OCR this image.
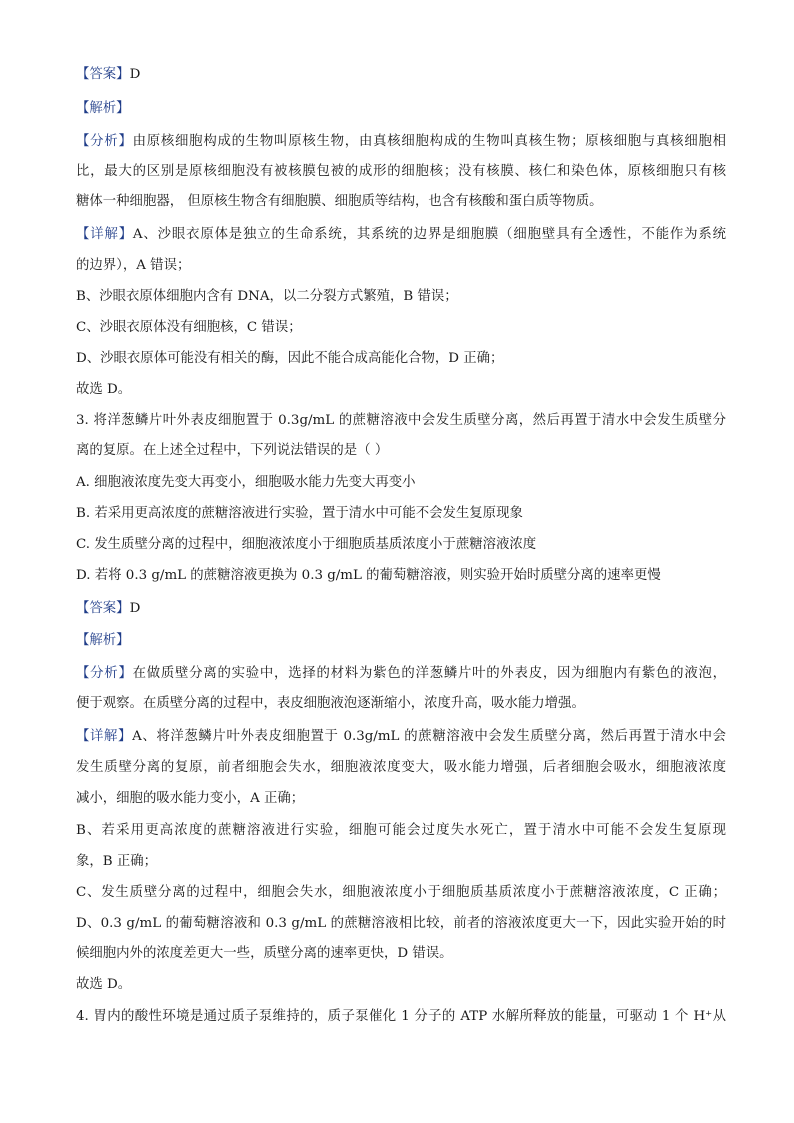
【答案】D
【解析】
【分析】由原核细胞构成的生物叫原核生物，由真核细胞构成的生物叫真核生物；原核细胞与真核细胞相
比，最大的区别是原核细胞没有被核膜包被的成形的细胞核；没有核膜、核仁和染色体，原核细胞只有核
糖体一种细胞器， 但原核生物含有细胞膜、细胞质等结构，也含有核酸和蛋白质等物质。
【详解】A、沙眼衣原体是独立的生命系统，其系统的边界是细胞膜（细胞壁具有全透性，不能作为系统
的边界），A 错误；
B、沙眼衣原体细胞内含有 DNA，以二分裂方式繁殖，B 错误；
C、沙眼衣原体没有细胞核，C 错误；
D、沙眼衣原体可能没有相关的酶，因此不能合成高能化合物，D 正确；
故选 D。
3. 将洋葱鳞片叶外表皮细胞置于 0.3g/mL 的蔗糖溶液中会发生质壁分离，然后再置于清水中会发生质壁分
离的复原。在上述全过程中，下列说法错误的是（ ）
A. 细胞液浓度先变大再变小，细胞吸水能力先变大再变小
B. 若采用更高浓度的蔗糖溶液进行实验，置于清水中可能不会发生复原现象
C. 发生质壁分离的过程中，细胞液浓度小于细胞质基质浓度小于蔗糖溶液浓度
D. 若将 0.3 g/mL 的蔗糖溶液更换为 0.3 g/mL 的葡萄糖溶液，则实验开始时质壁分离的速率更慢
【答案】D
【解析】
【分析】在做质壁分离的实验中，选择的材料为紫色的洋葱鳞片叶的外表皮，因为细胞内有紫色的液泡，
便于观察。在质壁分离的过程中，表皮细胞液泡逐渐缩小，浓度升高，吸水能力增强。
【详解】A、将洋葱鳞片叶外表皮细胞置于 0.3g/mL 的蔗糖溶液中会发生质壁分离，然后再置于清水中会
发生质壁分离的复原，前者细胞会失水，细胞液浓度变大，吸水能力增强，后者细胞会吸水，细胞液浓度
减小，细胞的吸水能力变小，A 正确；
B、若采用更高浓度的蔗糖溶液进行实验，细胞可能会过度失水死亡，置于清水中可能不会发生复原现
象，B 正确；
C、发生质壁分离的过程中，细胞会失水，细胞液浓度小于细胞质基质浓度小于蔗糖溶液浓度，C 正确；
D、0.3 g/mL 的葡萄糖溶液和 0.3 g/mL 的蔗糖溶液相比较，前者的溶液浓度更大一下，因此实验开始的时
候细胞内外的浓度差更大一些，质壁分离的速率更快，D 错误。
故选 D。
4. 胃内的酸性环境是通过质子泵维持的，质子泵催化 1 分子的 ATP 水解所释放的能量，可驱动 1 个 H⁺从
